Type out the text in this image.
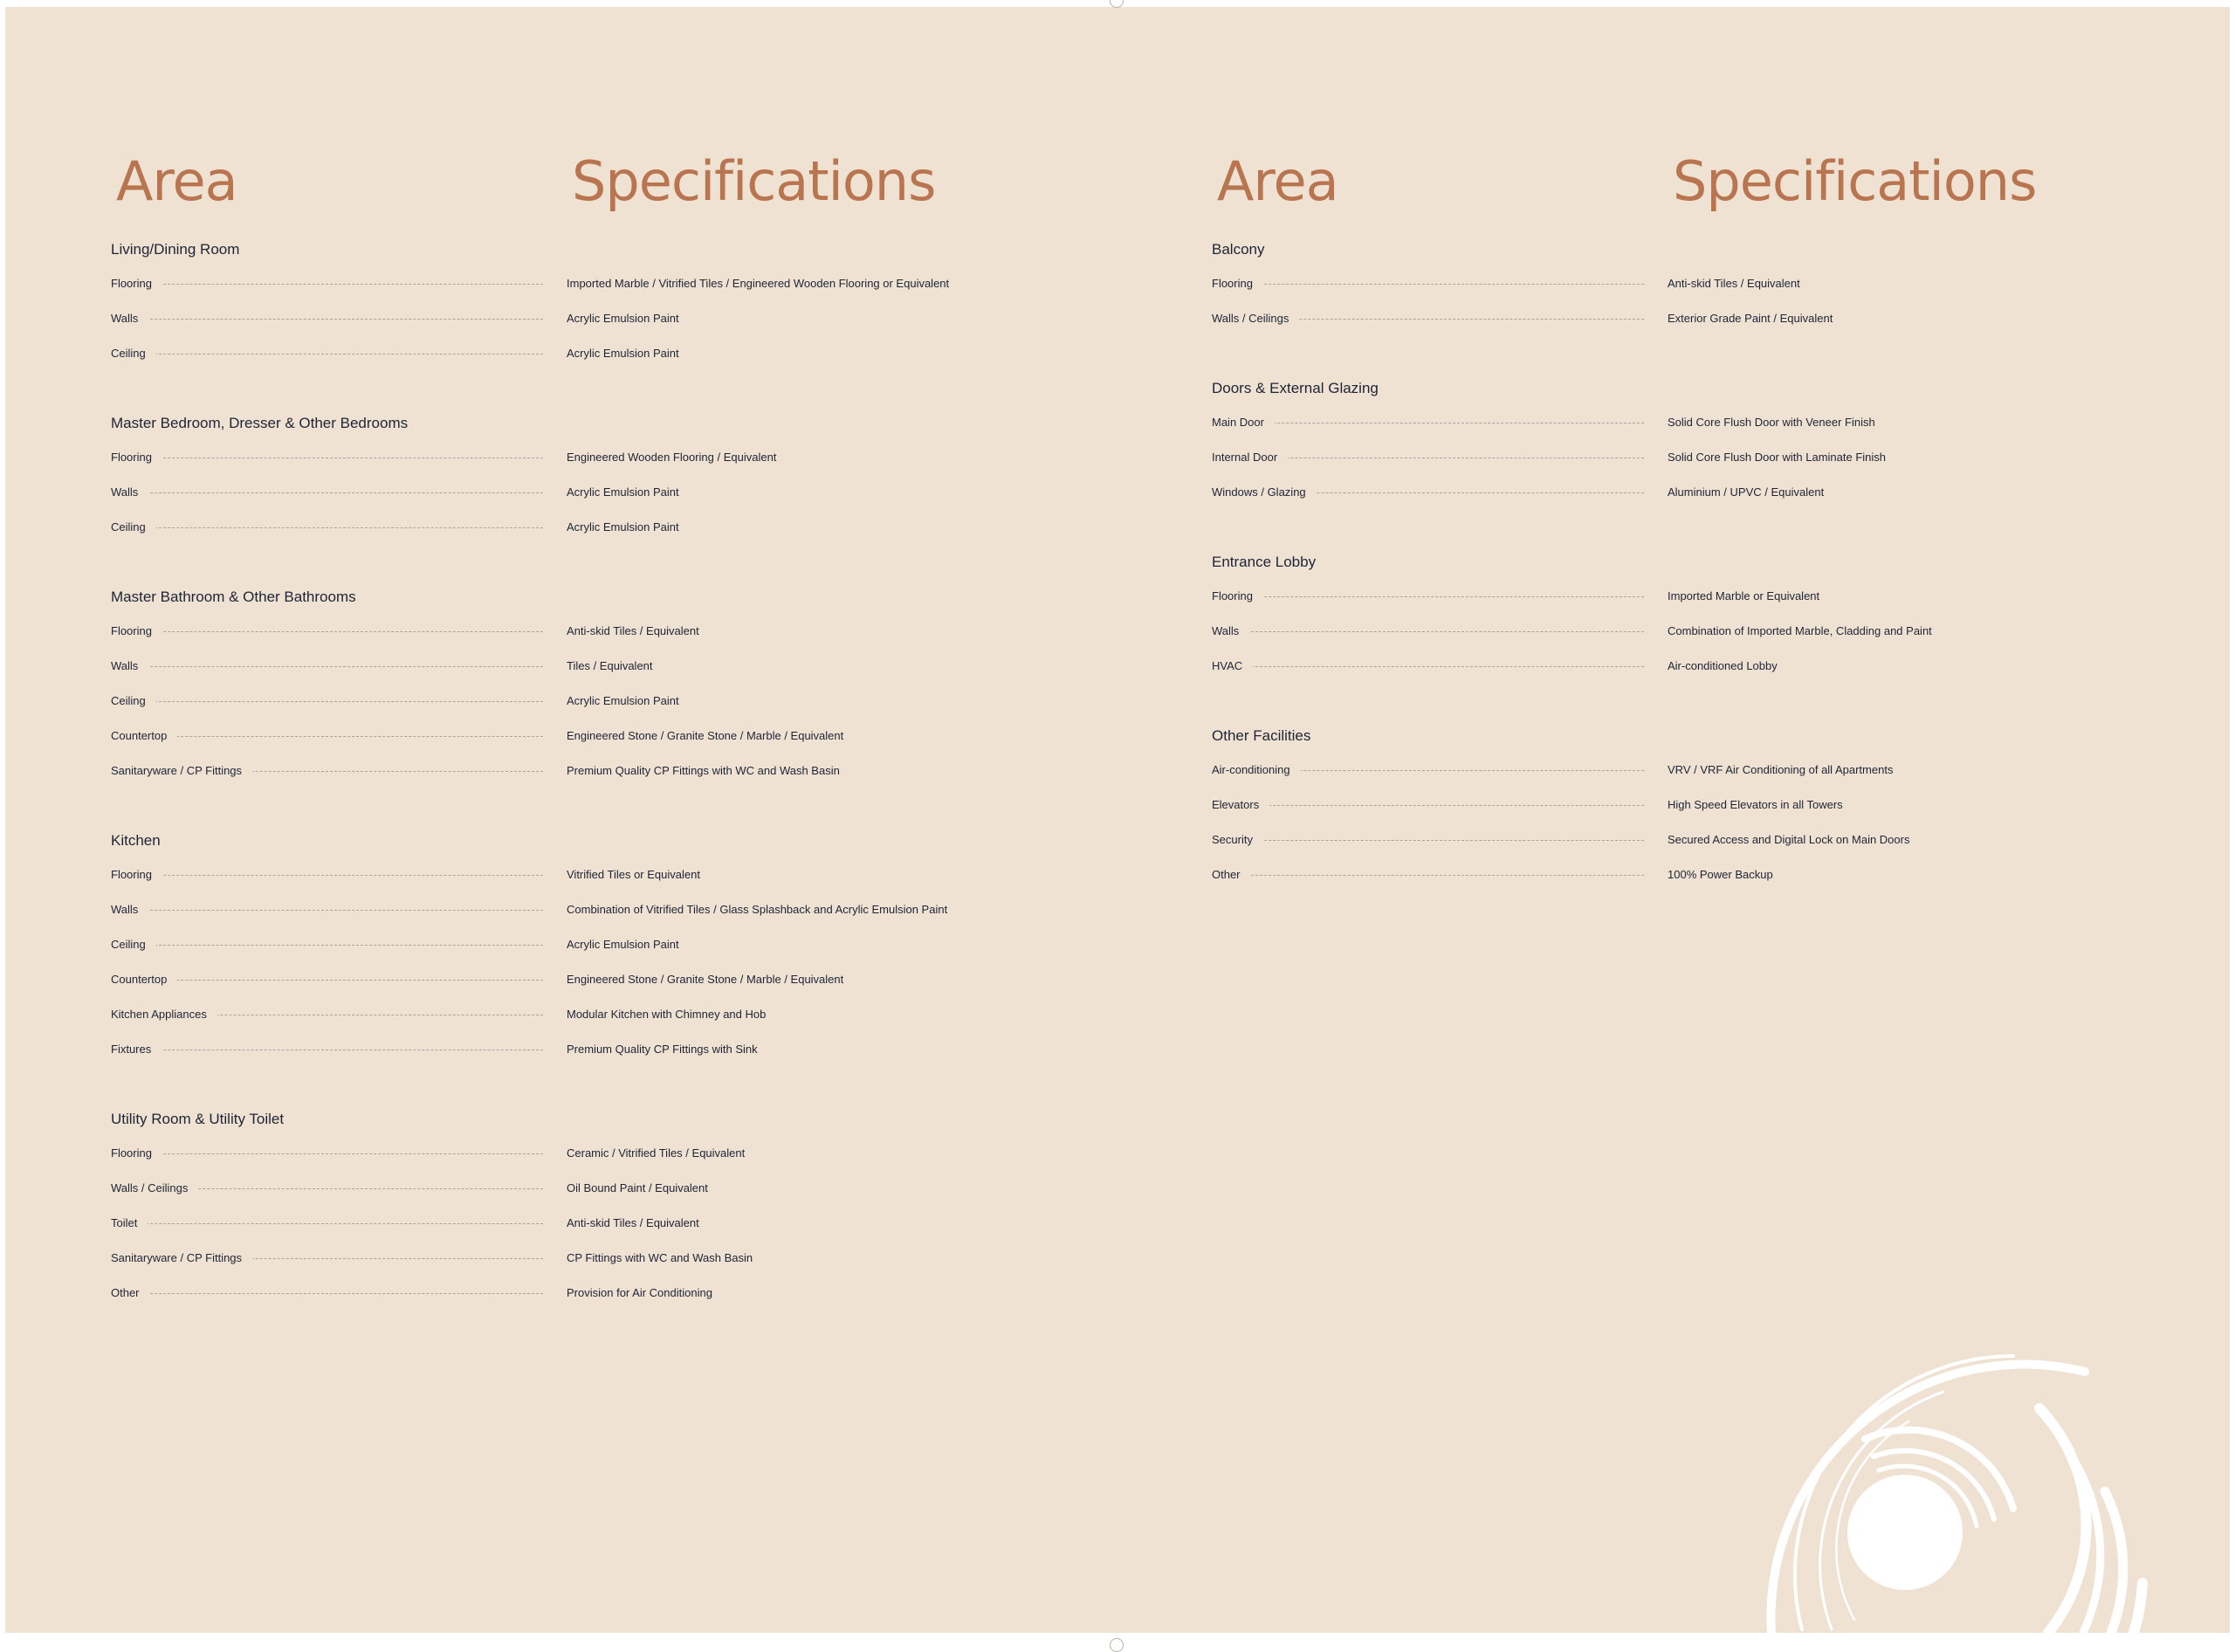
Area	Specifications
Living/Dining Room
Flooring	Imported Marble / Vitrified Tiles / Engineered Wooden Flooring or Equivalent
Walls	Acrylic Emulsion Paint
Ceiling	Acrylic Emulsion Paint
Master Bedroom, Dresser & Other Bedrooms
Flooring	Engineered Wooden Flooring / Equivalent
Walls	Acrylic Emulsion Paint
Ceiling	Acrylic Emulsion Paint
Master Bathroom & Other Bathrooms
Flooring	Anti-skid Tiles / Equivalent
Walls	Tiles / Equivalent
Ceiling	Acrylic Emulsion Paint
Countertop	Engineered Stone / Granite Stone / Marble / Equivalent
Sanitaryware / CP Fittings	Premium Quality CP Fittings with WC and Wash Basin
Kitchen
Flooring	Vitrified Tiles or Equivalent
Walls	Combination of Vitrified Tiles / Glass Splashback and Acrylic Emulsion Paint
Ceiling	Acrylic Emulsion Paint
Countertop	Engineered Stone / Granite Stone / Marble / Equivalent
Kitchen Appliances	Modular Kitchen with Chimney and Hob
Fixtures	Premium Quality CP Fittings with Sink
Utility Room & Utility Toilet
Flooring	Ceramic / Vitrified Tiles / Equivalent
Walls / Ceilings	Oil Bound Paint / Equivalent
Toilet	Anti-skid Tiles / Equivalent
Sanitaryware / CP Fittings	CP Fittings with WC and Wash Basin
Other	Provision for Air Conditioning
Area	Specifications
Balcony
Flooring	Anti-skid Tiles / Equivalent
Walls / Ceilings	Exterior Grade Paint / Equivalent
Doors & External Glazing
Main Door	Solid Core Flush Door with Veneer Finish
Internal Door	Solid Core Flush Door with Laminate Finish
Windows / Glazing	Aluminium / UPVC / Equivalent
Entrance Lobby
Flooring	Imported Marble or Equivalent
Walls	Combination of Imported Marble, Cladding and Paint
HVAC	Air-conditioned Lobby
Other Facilities
Air-conditioning	VRV / VRF Air Conditioning of all Apartments
Elevators	High Speed Elevators in all Towers
Security	Secured Access and Digital Lock on Main Doors
Other	100% Power Backup
